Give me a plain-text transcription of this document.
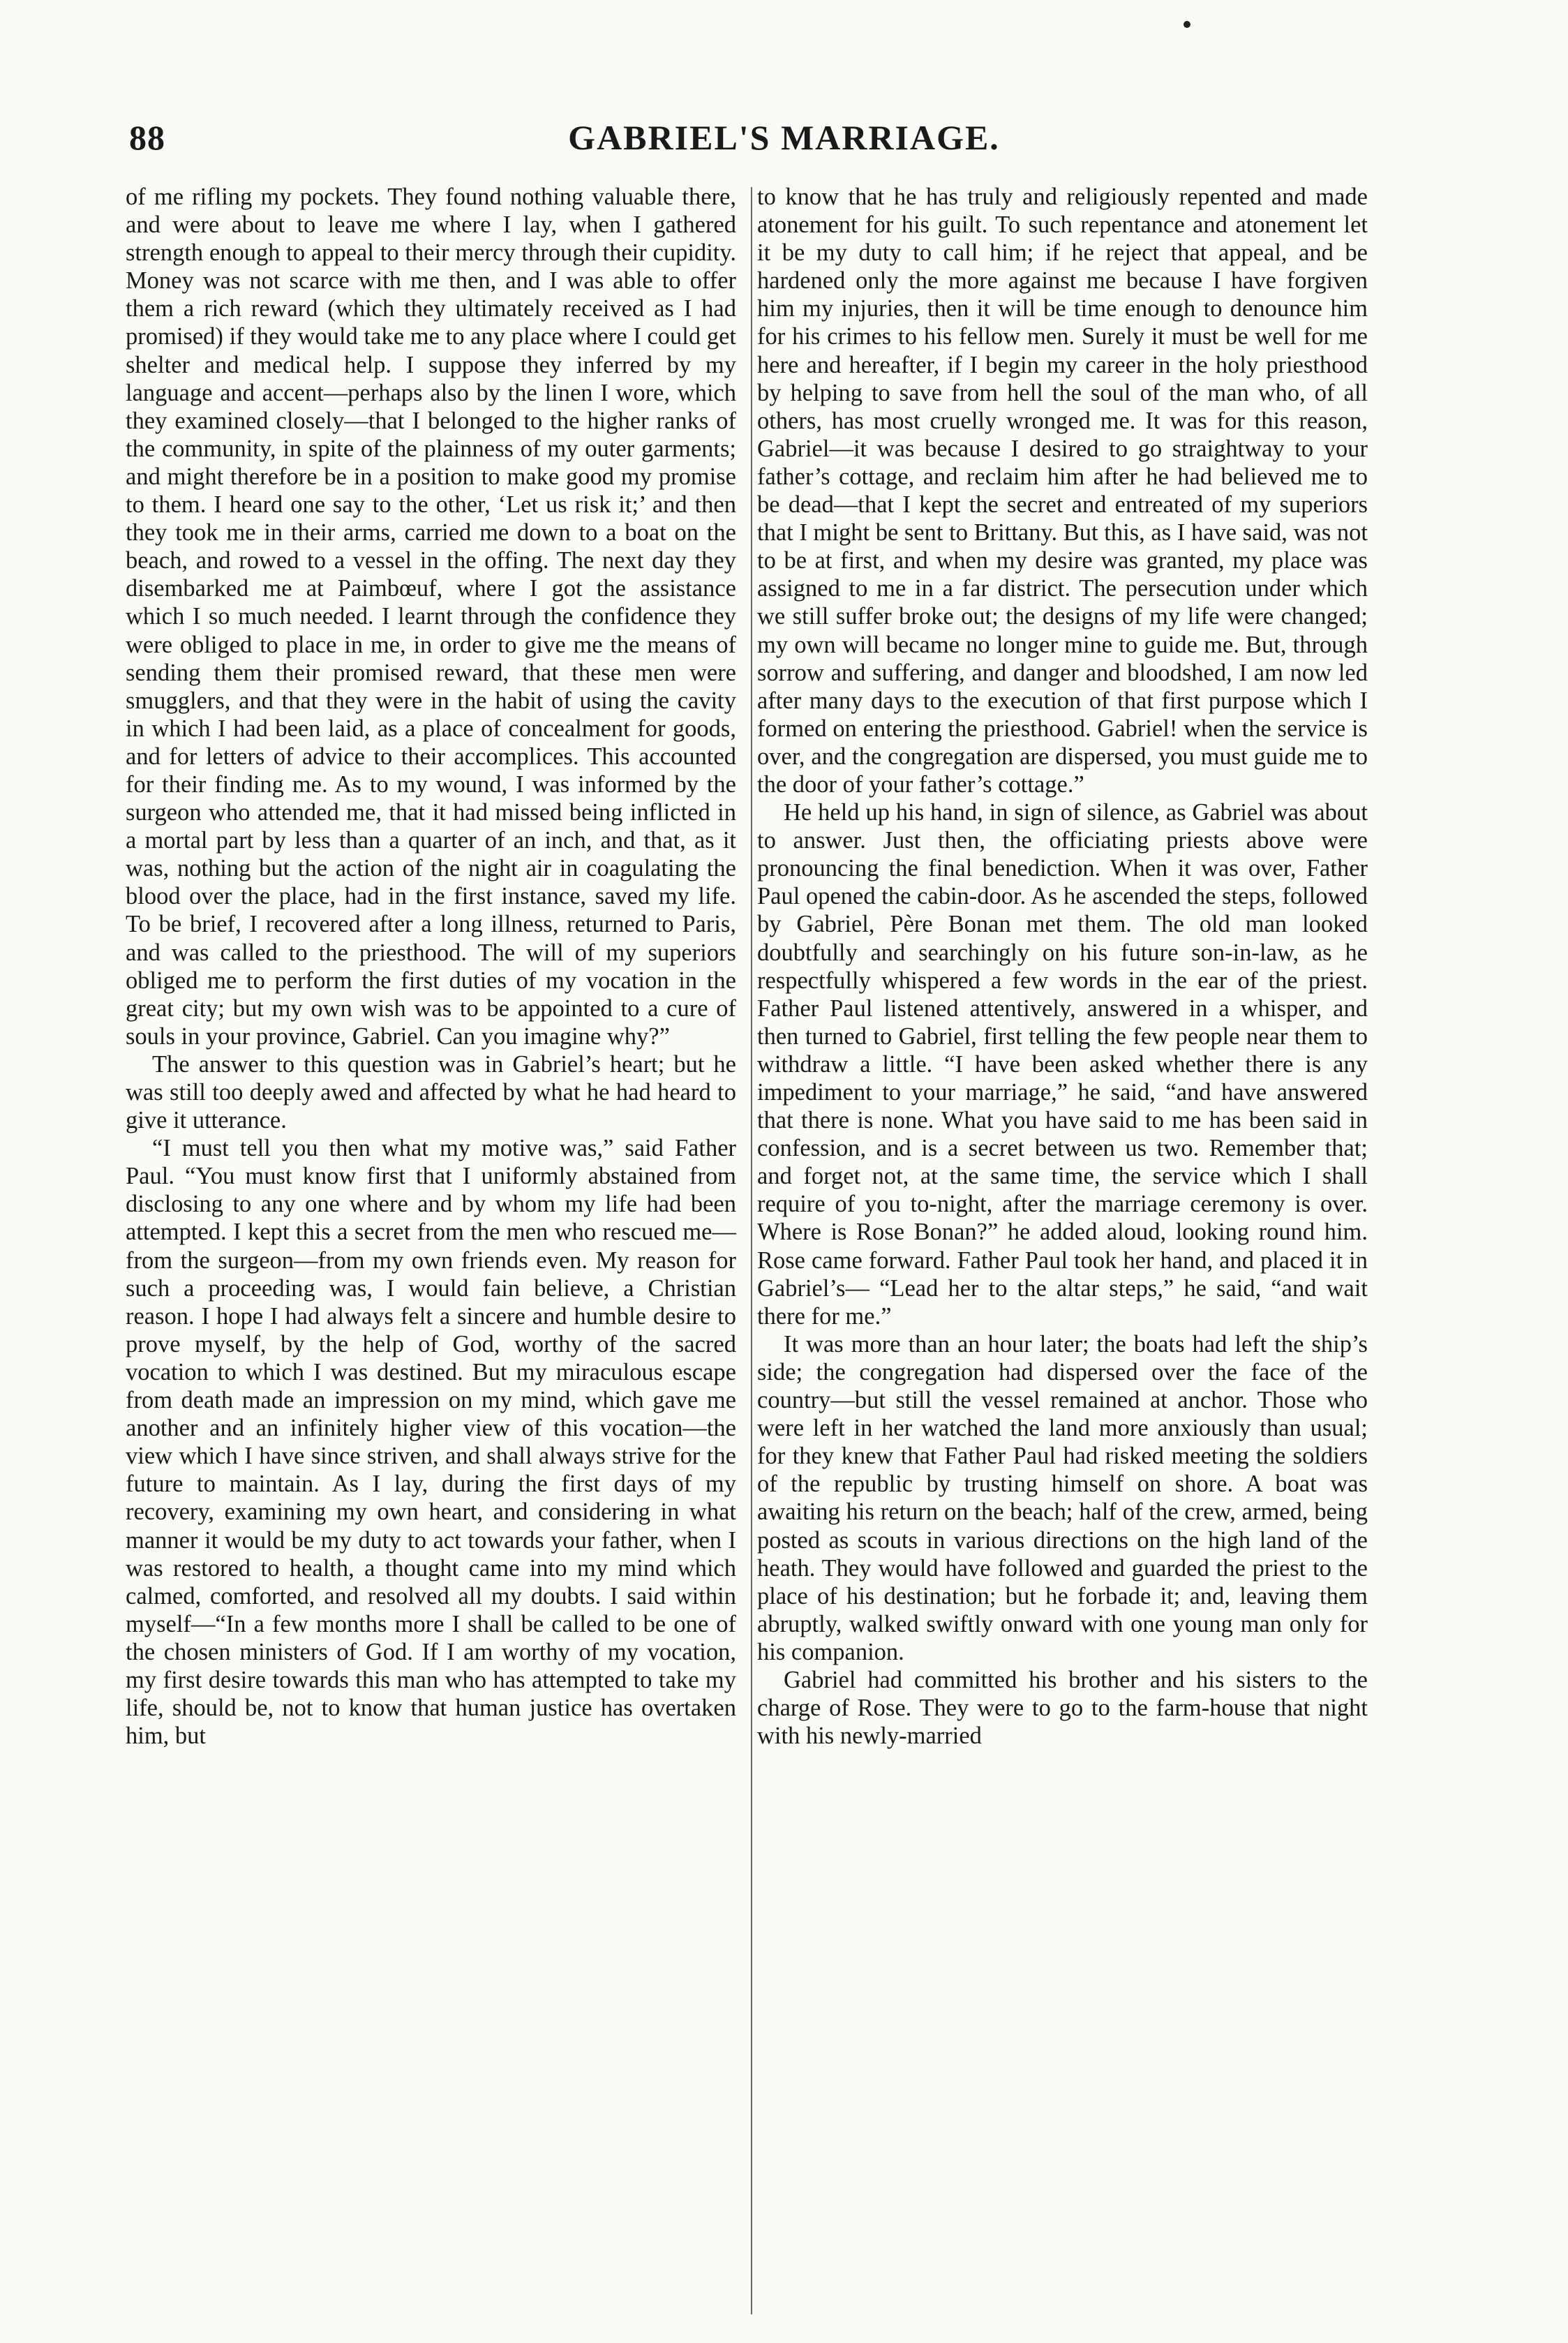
88	GABRIEL'S MARRIAGE.

of me rifling my pockets. They found nothing valuable there, and were about to leave me where I lay, when I gathered strength enough to appeal to their mercy through their cupidity. Money was not scarce with me then, and I was able to offer them a rich reward (which they ultimately received as I had promised) if they would take me to any place where I could get shelter and medical help. I suppose they inferred by my language and accent—perhaps also by the linen I wore, which they examined closely—that I belonged to the higher ranks of the community, in spite of the plainness of my outer garments; and might therefore be in a position to make good my promise to them. I heard one say to the other, ‘Let us risk it;’ and then they took me in their arms, carried me down to a boat on the beach, and rowed to a vessel in the offing. The next day they disembarked me at Paimbœuf, where I got the assistance which I so much needed. I learnt through the confidence they were obliged to place in me, in order to give me the means of sending them their promised reward, that these men were smugglers, and that they were in the habit of using the cavity in which I had been laid, as a place of concealment for goods, and for letters of advice to their accomplices. This accounted for their finding me. As to my wound, I was informed by the surgeon who attended me, that it had missed being inflicted in a mortal part by less than a quarter of an inch, and that, as it was, nothing but the action of the night air in coagulating the blood over the place, had in the first instance, saved my life. To be brief, I recovered after a long illness, returned to Paris, and was called to the priesthood. The will of my superiors obliged me to perform the first duties of my vocation in the great city; but my own wish was to be appointed to a cure of souls in your province, Gabriel. Can you imagine why?”

The answer to this question was in Gabriel’s heart; but he was still too deeply awed and affected by what he had heard to give it utterance.

“I must tell you then what my motive was,” said Father Paul. “You must know first that I uniformly abstained from disclosing to any one where and by whom my life had been attempted. I kept this a secret from the men who rescued me—from the surgeon—from my own friends even. My reason for such a proceeding was, I would fain believe, a Christian reason. I hope I had always felt a sincere and humble desire to prove myself, by the help of God, worthy of the sacred vocation to which I was destined. But my miraculous escape from death made an impression on my mind, which gave me another and an infinitely higher view of this vocation—the view which I have since striven, and shall always strive for the future to maintain. As I lay, during the first days of my recovery, examining my own heart, and considering in what manner it would be my duty to act towards your father, when I was restored to health, a thought came into my mind which calmed, comforted, and resolved all my doubts. I said within myself—“In a few months more I shall be called to be one of the chosen ministers of God. If I am worthy of my vocation, my first desire towards this man who has attempted to take my life, should be, not to know that human justice has overtaken him, but

to know that he has truly and religiously repented and made atonement for his guilt. To such repentance and atonement let it be my duty to call him; if he reject that appeal, and be hardened only the more against me because I have forgiven him my injuries, then it will be time enough to denounce him for his crimes to his fellow men. Surely it must be well for me here and hereafter, if I begin my career in the holy priesthood by helping to save from hell the soul of the man who, of all others, has most cruelly wronged me. It was for this reason, Gabriel—it was because I desired to go straightway to your father’s cottage, and reclaim him after he had believed me to be dead—that I kept the secret and entreated of my superiors that I might be sent to Brittany. But this, as I have said, was not to be at first, and when my desire was granted, my place was assigned to me in a far district. The persecution under which we still suffer broke out; the designs of my life were changed; my own will became no longer mine to guide me. But, through sorrow and suffering, and danger and bloodshed, I am now led after many days to the execution of that first purpose which I formed on entering the priesthood. Gabriel! when the service is over, and the congregation are dispersed, you must guide me to the door of your father’s cottage.”

He held up his hand, in sign of silence, as Gabriel was about to answer. Just then, the officiating priests above were pronouncing the final benediction. When it was over, Father Paul opened the cabin-door. As he ascended the steps, followed by Gabriel, Père Bonan met them. The old man looked doubtfully and searchingly on his future son-in-law, as he respectfully whispered a few words in the ear of the priest. Father Paul listened attentively, answered in a whisper, and then turned to Gabriel, first telling the few people near them to withdraw a little. “I have been asked whether there is any impediment to your marriage,” he said, “and have answered that there is none. What you have said to me has been said in confession, and is a secret between us two. Remember that; and forget not, at the same time, the service which I shall require of you to-night, after the marriage ceremony is over. Where is Rose Bonan?” he added aloud, looking round him. Rose came forward. Father Paul took her hand, and placed it in Gabriel’s— “Lead her to the altar steps,” he said, “and wait there for me.”

It was more than an hour later; the boats had left the ship’s side; the congregation had dispersed over the face of the country—but still the vessel remained at anchor. Those who were left in her watched the land more anxiously than usual; for they knew that Father Paul had risked meeting the soldiers of the republic by trusting himself on shore. A boat was awaiting his return on the beach; half of the crew, armed, being posted as scouts in various directions on the high land of the heath. They would have followed and guarded the priest to the place of his destination; but he forbade it; and, leaving them abruptly, walked swiftly onward with one young man only for his companion.

Gabriel had committed his brother and his sisters to the charge of Rose. They were to go to the farm-house that night with his newly-married
